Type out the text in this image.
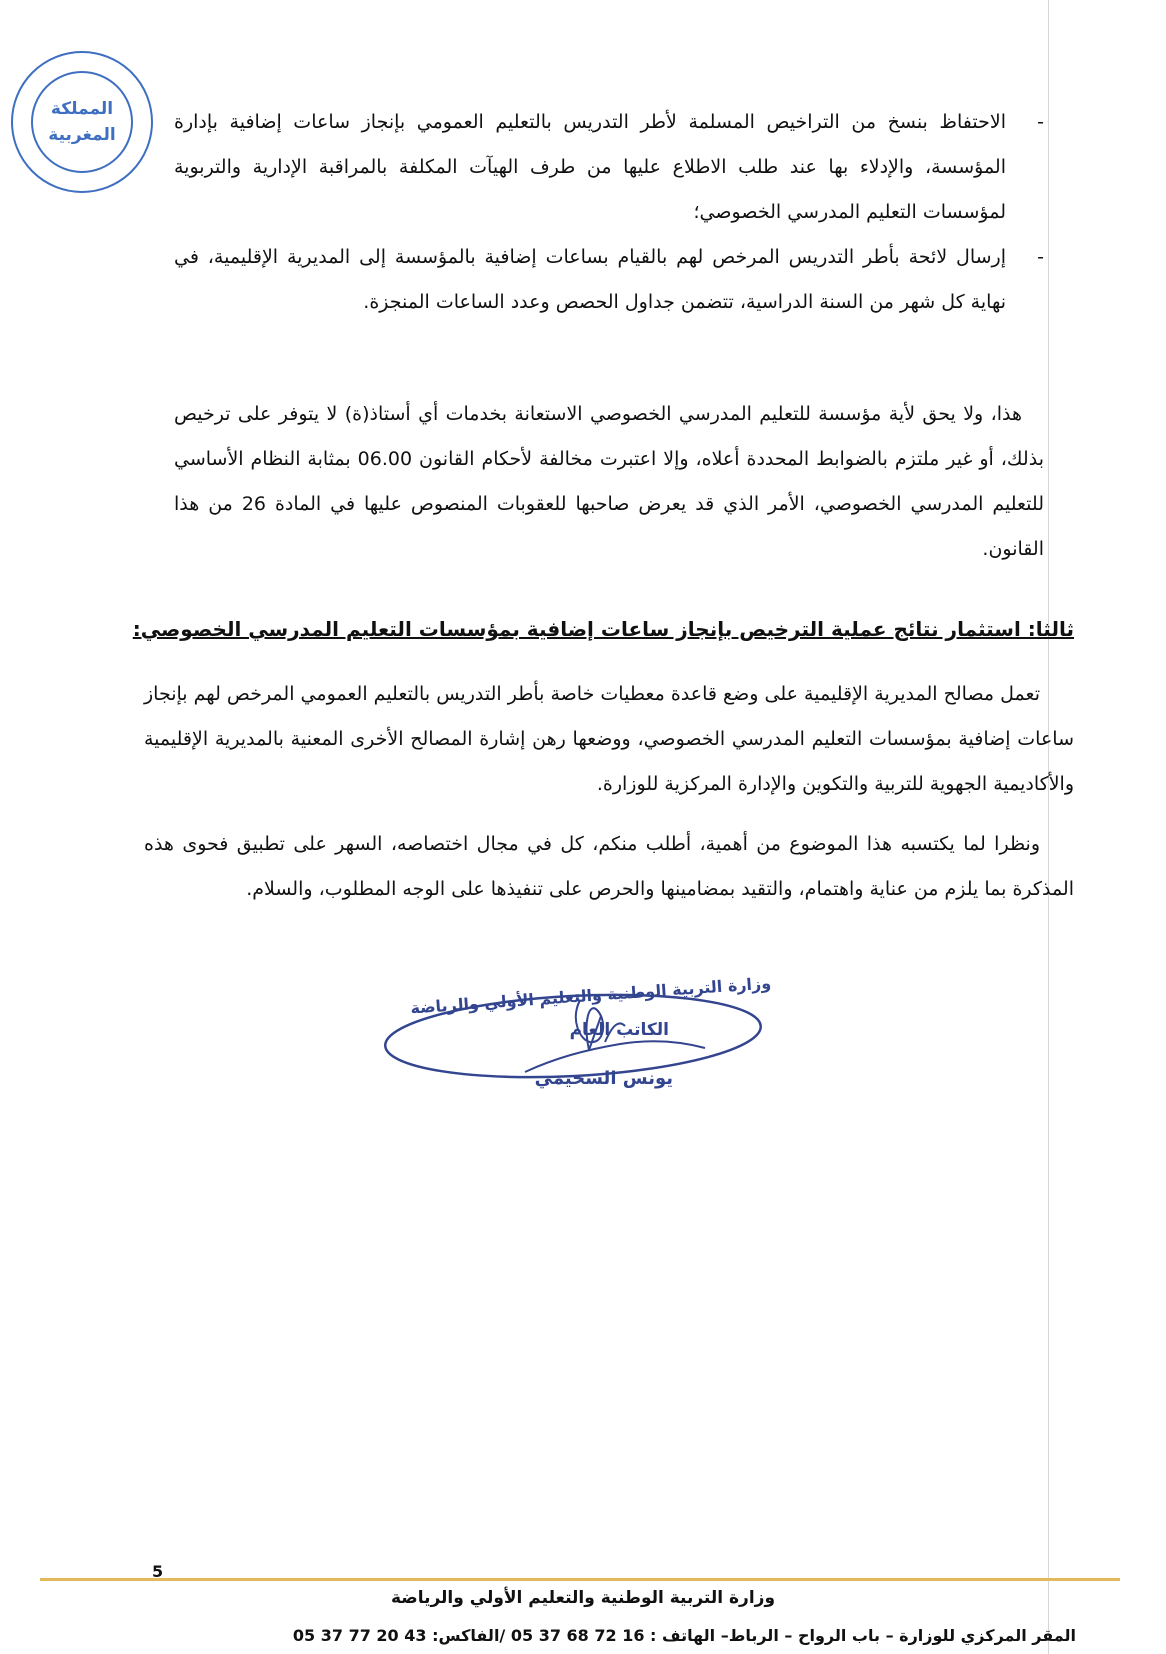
المملكة
المغربية
-
الاحتفاظ بنسخ من التراخيص المسلمة لأطر التدريس بالتعليم العمومي بإنجاز ساعات إضافية بإدارة المؤسسة، والإدلاء بها عند طلب الاطلاع عليها من طرف الهيآت المكلفة بالمراقبة الإدارية والتربوية لمؤسسات التعليم المدرسي الخصوصي؛
-
إرسال لائحة بأطر التدريس المرخص لهم بالقيام بساعات إضافية بالمؤسسة إلى المديرية الإقليمية، في نهاية كل شهر من السنة الدراسية، تتضمن جداول الحصص وعدد الساعات المنجزة.

هذا، ولا يحق لأية مؤسسة للتعليم المدرسي الخصوصي الاستعانة بخدمات أي أستاذ(ة) لا يتوفر على ترخيص بذلك، أو غير ملتزم بالضوابط المحددة أعلاه، وإلا اعتبرت مخالفة لأحكام القانون 06.00 بمثابة النظام الأساسي للتعليم المدرسي الخصوصي، الأمر الذي قد يعرض صاحبها للعقوبات المنصوص عليها في المادة 26 من هذا القانون.

ثالثا: استثمار نتائج عملية الترخيص بإنجاز ساعات إضافية بمؤسسات التعليم المدرسي الخصوصي:

تعمل مصالح المديرية الإقليمية على وضع قاعدة معطيات خاصة بأطر التدريس بالتعليم العمومي المرخص لهم بإنجاز ساعات إضافية بمؤسسات التعليم المدرسي الخصوصي، ووضعها رهن إشارة المصالح الأخرى المعنية بالمديرية الإقليمية والأكاديمية الجهوية للتربية والتكوين والإدارة المركزية للوزارة.

ونظرا لما يكتسبه هذا الموضوع من أهمية، أطلب منكم، كل في مجال اختصاصه، السهر على تطبيق فحوى هذه المذكرة بما يلزم من عناية واهتمام، والتقيد بمضامينها والحرص على تنفيذها على الوجه المطلوب، والسلام.

وزارة التربية الوطنية والتعليم الأولي والرياضة
الكاتب العام
يونس السحيمي
5
وزارة التربية الوطنية والتعليم الأولي والرياضة
المقر المركزي للوزارة – باب الرواح – الرباط– الهاتف : 16 72 68 37 05 /الفاكس: 43 20 77 37 05
